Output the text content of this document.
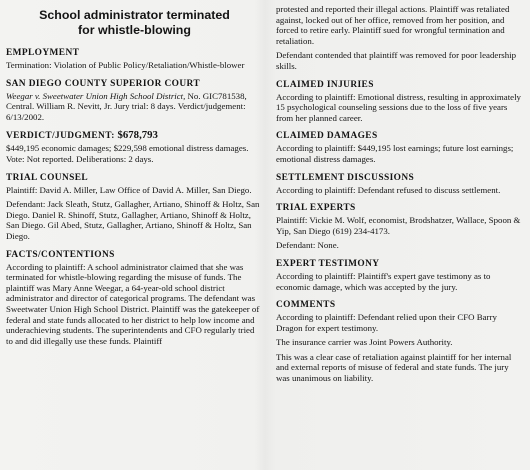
School administrator terminated
for whistle-blowing
EMPLOYMENT
Termination: Violation of Public Policy/Retaliation/Whistle-blower
SAN DIEGO COUNTY SUPERIOR COURT
Weegar v. Sweetwater Union High School District, No. GIC781538, Central. William R. Nevitt, Jr. Jury trial: 8 days. Verdict/judgement: 6/13/2002.
VERDICT/JUDGMENT: $678,793
$449,195 economic damages; $229,598 emotional distress damages. Vote: Not reported. Deliberations: 2 days.
TRIAL COUNSEL
Plaintiff: David A. Miller, Law Office of David A. Miller, San Diego.
Defendant: Jack Sleath, Stutz, Gallagher, Artiano, Shinoff & Holtz, San Diego. Daniel R. Shinoff, Stutz, Gallagher, Artiano, Shinoff & Holtz, San Diego. Gil Abed, Stutz, Gallagher, Artiano, Shinoff & Holtz, San Diego.
FACTS/CONTENTIONS
According to plaintiff: A school administrator claimed that she was terminated for whistle-blowing regarding the misuse of funds. The plaintiff was Mary Anne Weegar, a 64-year-old school district administrator and director of categorical programs. The defendant was Sweetwater Union High School District. Plaintiff was the gatekeeper of federal and state funds allocated to her district to help low income and underachieving students. The superintendents and CFO regularly tried to and did illegally use these funds. Plaintiff
protested and reported their illegal actions. Plaintiff was retaliated against, locked out of her office, removed from her position, and forced to retire early. Plaintiff sued for wrongful termination and retaliation.
Defendant contended that plaintiff was removed for poor leadership skills.
CLAIMED INJURIES
According to plaintiff: Emotional distress, resulting in approximately 15 psychological counseling sessions due to the loss of five years from her planned career.
CLAIMED DAMAGES
According to plaintiff: $449,195 lost earnings; future lost earnings; emotional distress damages.
SETTLEMENT DISCUSSIONS
According to plaintiff: Defendant refused to discuss settlement.
TRIAL EXPERTS
Plaintiff: Vickie M. Wolf, economist, Brodshatzer, Wallace, Spoon & Yip, San Diego (619) 234-4173.
Defendant: None.
EXPERT TESTIMONY
According to plaintiff: Plaintiff's expert gave testimony as to economic damage, which was accepted by the jury.
COMMENTS
According to plaintiff: Defendant relied upon their CFO Barry Dragon for expert testimony.
The insurance carrier was Joint Powers Authority.
This was a clear case of retaliation against plaintiff for her internal and external reports of misuse of federal and state funds. The jury was unanimous on liability.
